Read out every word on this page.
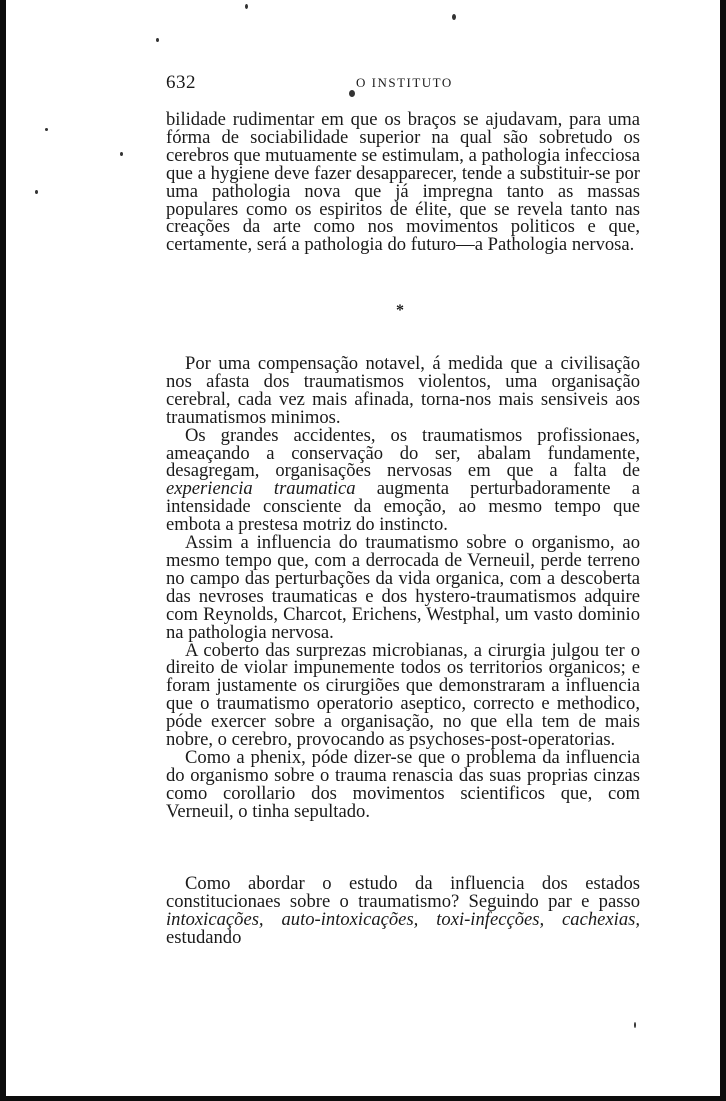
632	O INSTITUTO

bilidade rudimentar em que os braços se ajudavam, para uma fórma de sociabilidade superior na qual são sobretudo os cerebros que mutuamente se estimulam, a pathologia infecciosa que a hygiene deve fazer desapparecer, tende a substituir-se por uma pathologia nova que já impregna tanto as massas populares como os espiritos de élite, que se revela tanto nas creações da arte como nos movimentos politicos e que, certamente, será a pathologia do futuro—a Pathologia nervosa.

*

Por uma compensação notavel, á medida que a civilisação nos afasta dos traumatismos violentos, uma organisação cerebral, cada vez mais afinada, torna-nos mais sensiveis aos traumatismos minimos.

Os grandes accidentes, os traumatismos profissionaes, ameaçando a conservação do ser, abalam fundamente, desagregam, organisações nervosas em que a falta de experiencia traumatica augmenta perturbadoramente a intensidade consciente da emoção, ao mesmo tempo que embota a prestesa motriz do instincto.

Assim a influencia do traumatismo sobre o organismo, ao mesmo tempo que, com a derrocada de Verneuil, perde terreno no campo das perturbações da vida organica, com a descoberta das nevroses traumaticas e dos hystero-traumatismos adquire com Reynolds, Charcot, Erichens, Westphal, um vasto dominio na pathologia nervosa.

A coberto das surprezas microbianas, a cirurgia julgou ter o direito de violar impunemente todos os territorios organicos; e foram justamente os cirurgiões que demonstraram a influencia que o traumatismo operatorio aseptico, correcto e methodico, póde exercer sobre a organisação, no que ella tem de mais nobre, o cerebro, provocando as psychoses-post-operatorias.

Como a phenix, póde dizer-se que o problema da influencia do organismo sobre o trauma renascia das suas proprias cinzas como corollario dos movimentos scientificos que, com Verneuil, o tinha sepultado.

Como abordar o estudo da influencia dos estados constitucionaes sobre o traumatismo? Seguindo par e passo intoxicações, auto-intoxicações, toxi-infecções, cachexias, estudando
